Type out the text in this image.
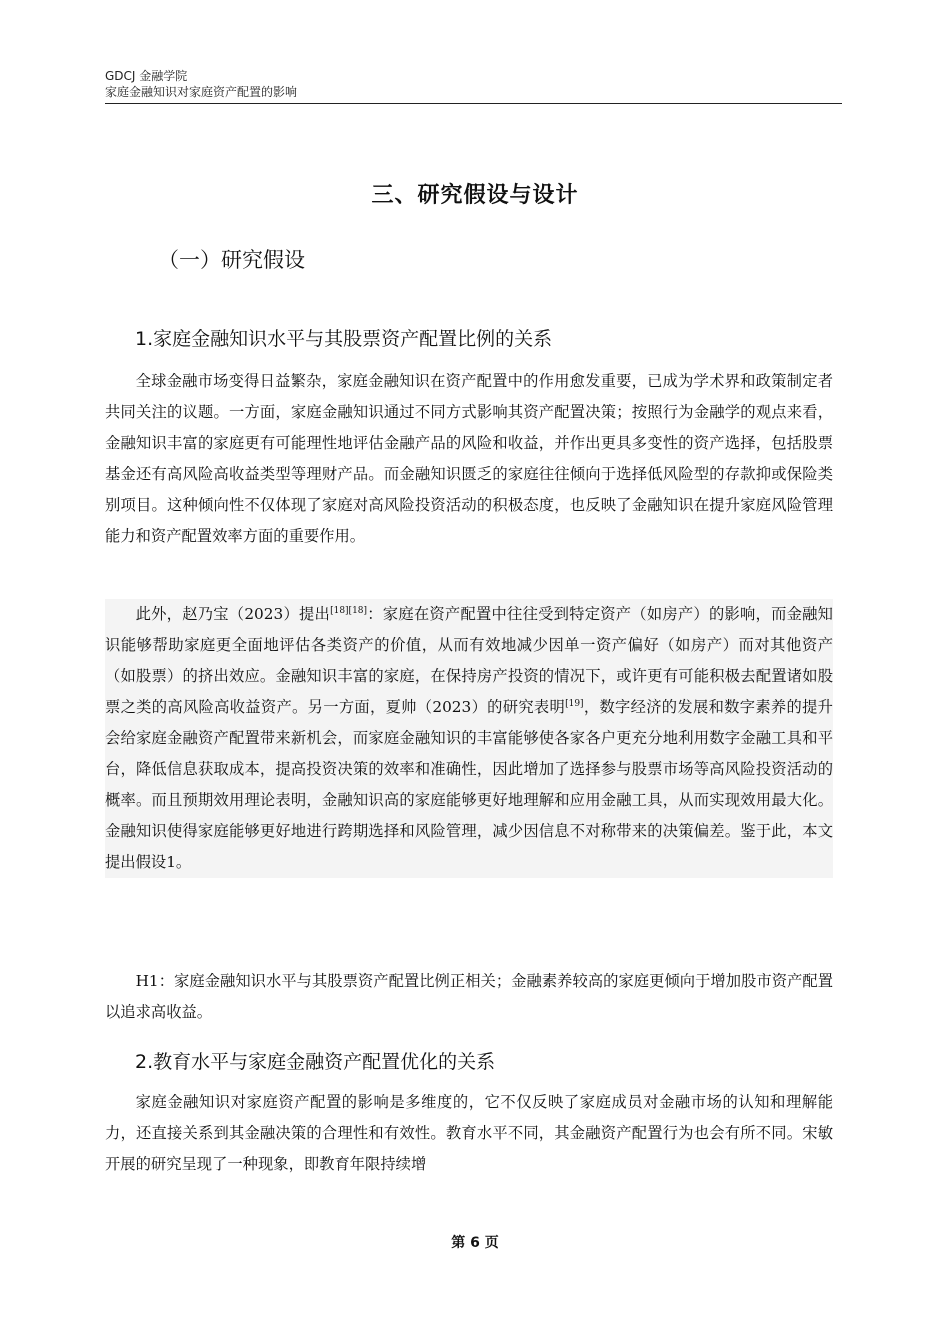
GDCJ 金融学院
家庭金融知识对家庭资产配置的影响
三、研究假设与设计
（一）研究假设
1.家庭金融知识水平与其股票资产配置比例的关系

全球金融市场变得日益繁杂，家庭金融知识在资产配置中的作用愈发重要，已成为学术界和政策制定者共同关注的议题。一方面，家庭金融知识通过不同方式影响其资产配置决策；按照行为金融学的观点来看，金融知识丰富的家庭更有可能理性地评估金融产品的风险和收益，并作出更具多变性的资产选择，包括股票基金还有高风险高收益类型等理财产品。而金融知识匮乏的家庭往往倾向于选择低风险型的存款抑或保险类别项目。这种倾向性不仅体现了家庭对高风险投资活动的积极态度，也反映了金融知识在提升家庭风险管理能力和资产配置效率方面的重要作用。

此外，赵乃宝（2023）提出[18][18]：家庭在资产配置中往往受到特定资产（如房产）的影响，而金融知识能够帮助家庭更全面地评估各类资产的价值，从而有效地减少因单一资产偏好（如房产）而对其他资产（如股票）的挤出效应。金融知识丰富的家庭，在保持房产投资的情况下，或许更有可能积极去配置诸如股票之类的高风险高收益资产。另一方面，夏帅（2023）的研究表明[19]，数字经济的发展和数字素养的提升会给家庭金融资产配置带来新机会，而家庭金融知识的丰富能够使各家各户更充分地利用数字金融工具和平台，降低信息获取成本，提高投资决策的效率和准确性，因此增加了选择参与股票市场等高风险投资活动的概率。而且预期效用理论表明，金融知识高的家庭能够更好地理解和应用金融工具，从而实现效用最大化。金融知识使得家庭能够更好地进行跨期选择和风险管理，减少因信息不对称带来的决策偏差。鉴于此，本文提出假设1。

H1：家庭金融知识水平与其股票资产配置比例正相关；金融素养较高的家庭更倾向于增加股市资产配置以追求高收益。

2.教育水平与家庭金融资产配置优化的关系

家庭金融知识对家庭资产配置的影响是多维度的，它不仅反映了家庭成员对金融市场的认知和理解能力，还直接关系到其金融决策的合理性和有效性。教育水平不同，其金融资产配置行为也会有所不同。宋敏开展的研究呈现了一种现象，即教育年限持续增

第 6 页
